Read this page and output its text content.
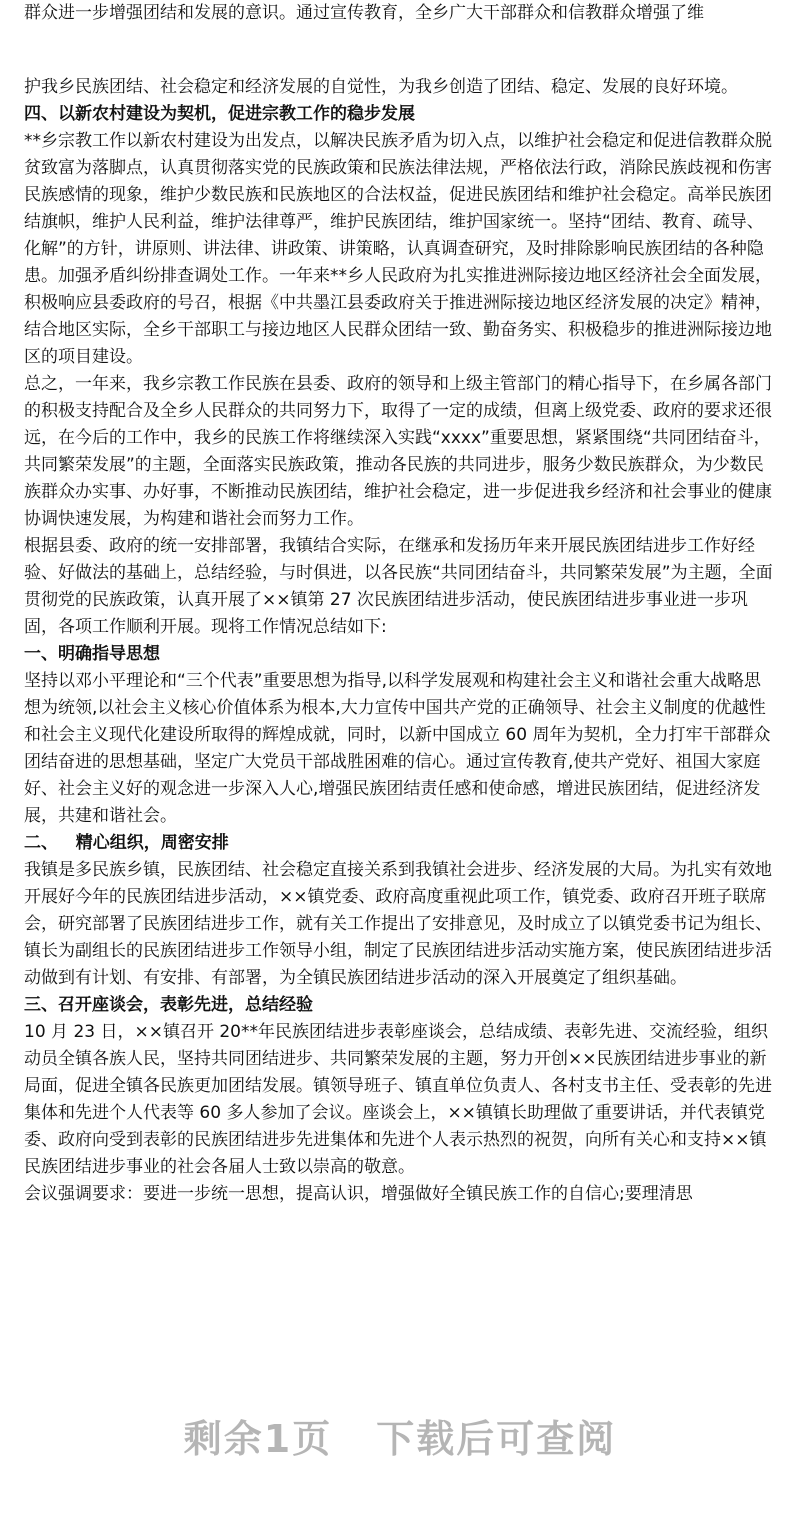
群众进一步增强团结和发展的意识。通过宣传教育，全乡广大干部群众和信教群众增强了维

护我乡民族团结、社会稳定和经济发展的自觉性，为我乡创造了团结、稳定、发展的良好环境。

四、以新农村建设为契机，促进宗教工作的稳步发展

**乡宗教工作以新农村建设为出发点，以解决民族矛盾为切入点，以维护社会稳定和促进信教群众脱贫致富为落脚点，认真贯彻落实党的民族政策和民族法律法规，严格依法行政，消除民族歧视和伤害民族感情的现象，维护少数民族和民族地区的合法权益，促进民族团结和维护社会稳定。高举民族团结旗帜，维护人民利益，维护法律尊严，维护民族团结，维护国家统一。坚持“团结、教育、疏导、化解”的方针，讲原则、讲法律、讲政策、讲策略，认真调查研究，及时排除影响民族团结的各种隐患。加强矛盾纠纷排查调处工作。一年来**乡人民政府为扎实推进洲际接边地区经济社会全面发展，积极响应县委政府的号召，根据《中共墨江县委政府关于推进洲际接边地区经济发展的决定》精神，结合地区实际，全乡干部职工与接边地区人民群众团结一致、勤奋务实、积极稳步的推进洲际接边地区的项目建设。

总之，一年来，我乡宗教工作民族在县委、政府的领导和上级主管部门的精心指导下，在乡属各部门的积极支持配合及全乡人民群众的共同努力下，取得了一定的成绩，但离上级党委、政府的要求还很远，在今后的工作中，我乡的民族工作将继续深入实践“xxxx”重要思想，紧紧围绕“共同团结奋斗，共同繁荣发展”的主题，全面落实民族政策，推动各民族的共同进步，服务少数民族群众，为少数民族群众办实事、办好事，不断推动民族团结，维护社会稳定，进一步促进我乡经济和社会事业的健康协调快速发展，为构建和谐社会而努力工作。

根据县委、政府的统一安排部署，我镇结合实际，在继承和发扬历年来开展民族团结进步工作好经验、好做法的基础上，总结经验，与时俱进，以各民族“共同团结奋斗，共同繁荣发展”为主题，全面贯彻党的民族政策，认真开展了××镇第 27 次民族团结进步活动，使民族团结进步事业进一步巩固，各项工作顺利开展。现将工作情况总结如下:

一、明确指导思想

坚持以邓小平理论和“三个代表”重要思想为指导,以科学发展观和构建社会主义和谐社会重大战略思想为统领,以社会主义核心价值体系为根本,大力宣传中国共产党的正确领导、社会主义制度的优越性和社会主义现代化建设所取得的辉煌成就，同时，以新中国成立 60 周年为契机，全力打牢干部群众团结奋进的思想基础，坚定广大党员干部战胜困难的信心。通过宣传教育,使共产党好、祖国大家庭好、社会主义好的观念进一步深入人心,增强民族团结责任感和使命感，增进民族团结，促进经济发展，共建和谐社会。

二、 精心组织，周密安排

我镇是多民族乡镇，民族团结、社会稳定直接关系到我镇社会进步、经济发展的大局。为扎实有效地开展好今年的民族团结进步活动，××镇党委、政府高度重视此项工作，镇党委、政府召开班子联席会，研究部署了民族团结进步工作，就有关工作提出了安排意见，及时成立了以镇党委书记为组长、镇长为副组长的民族团结进步工作领导小组，制定了民族团结进步活动实施方案，使民族团结进步活动做到有计划、有安排、有部署，为全镇民族团结进步活动的深入开展奠定了组织基础。

三、召开座谈会，表彰先进，总结经验

10 月 23 日，××镇召开 20**年民族团结进步表彰座谈会，总结成绩、表彰先进、交流经验，组织动员全镇各族人民，坚持共同团结进步、共同繁荣发展的主题，努力开创××民族团结进步事业的新局面，促进全镇各民族更加团结发展。镇领导班子、镇直单位负责人、各村支书主任、受表彰的先进集体和先进个人代表等 60 多人参加了会议。座谈会上，××镇镇长助理做了重要讲话，并代表镇党委、政府向受到表彰的民族团结进步先进集体和先进个人表示热烈的祝贺，向所有关心和支持××镇民族团结进步事业的社会各届人士致以崇高的敬意。

会议强调要求：要进一步统一思想，提高认识，增强做好全镇民族工作的自信心;要理清思

剩余1页 下载后可查阅
